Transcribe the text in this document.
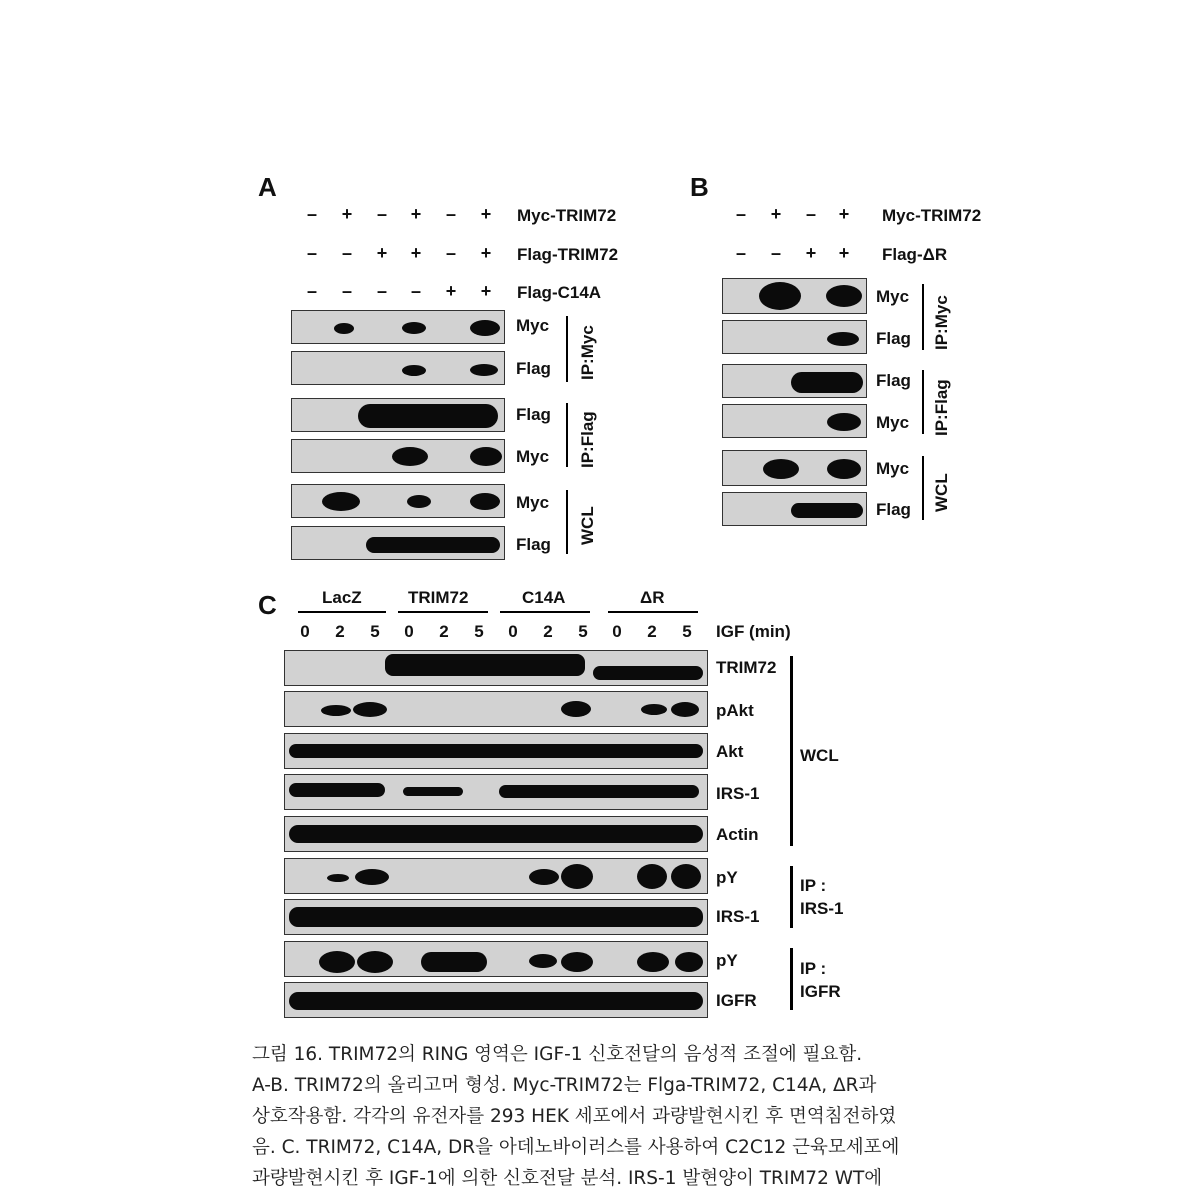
A
– + – + – + Myc-TRIM72
– – + + – + Flag-TRIM72
– – – – + + Flag-C14A
Myc
Flag
Flag
Myc
Myc
Flag
IP:Myc
IP:Flag
WCL
B
– + – + Myc-TRIM72
– – + + Flag-ΔR
Myc
Flag
Flag
Myc
Myc
Flag
IP:Myc
IP:Flag
WCL
C	LacZ	TRIM72	C14A	ΔR
0	2	5	0	2	5	0	2	5	0	2	5	IGF (min)
TRIM72
pAkt
Akt
IRS-1
Actin
pY
IRS-1
pY
IGFR
WCL
IP :
IRS-1
IP :
IGFR
그림 16. TRIM72의 RING 영역은 IGF-1 신호전달의 음성적 조절에 필요함.
A-B. TRIM72의 올리고머 형성. Myc-TRIM72는 Flga-TRIM72, C14A, ΔR과
상호작용함. 각각의 유전자를 293 HEK 세포에서 과량발현시킨 후 면역침전하였
음. C. TRIM72, C14A, DR을 아데노바이러스를 사용하여 C2C12 근육모세포에
과량발현시킨 후 IGF-1에 의한 신호전달 분석. IRS-1 발현양이 TRIM72 WT에
